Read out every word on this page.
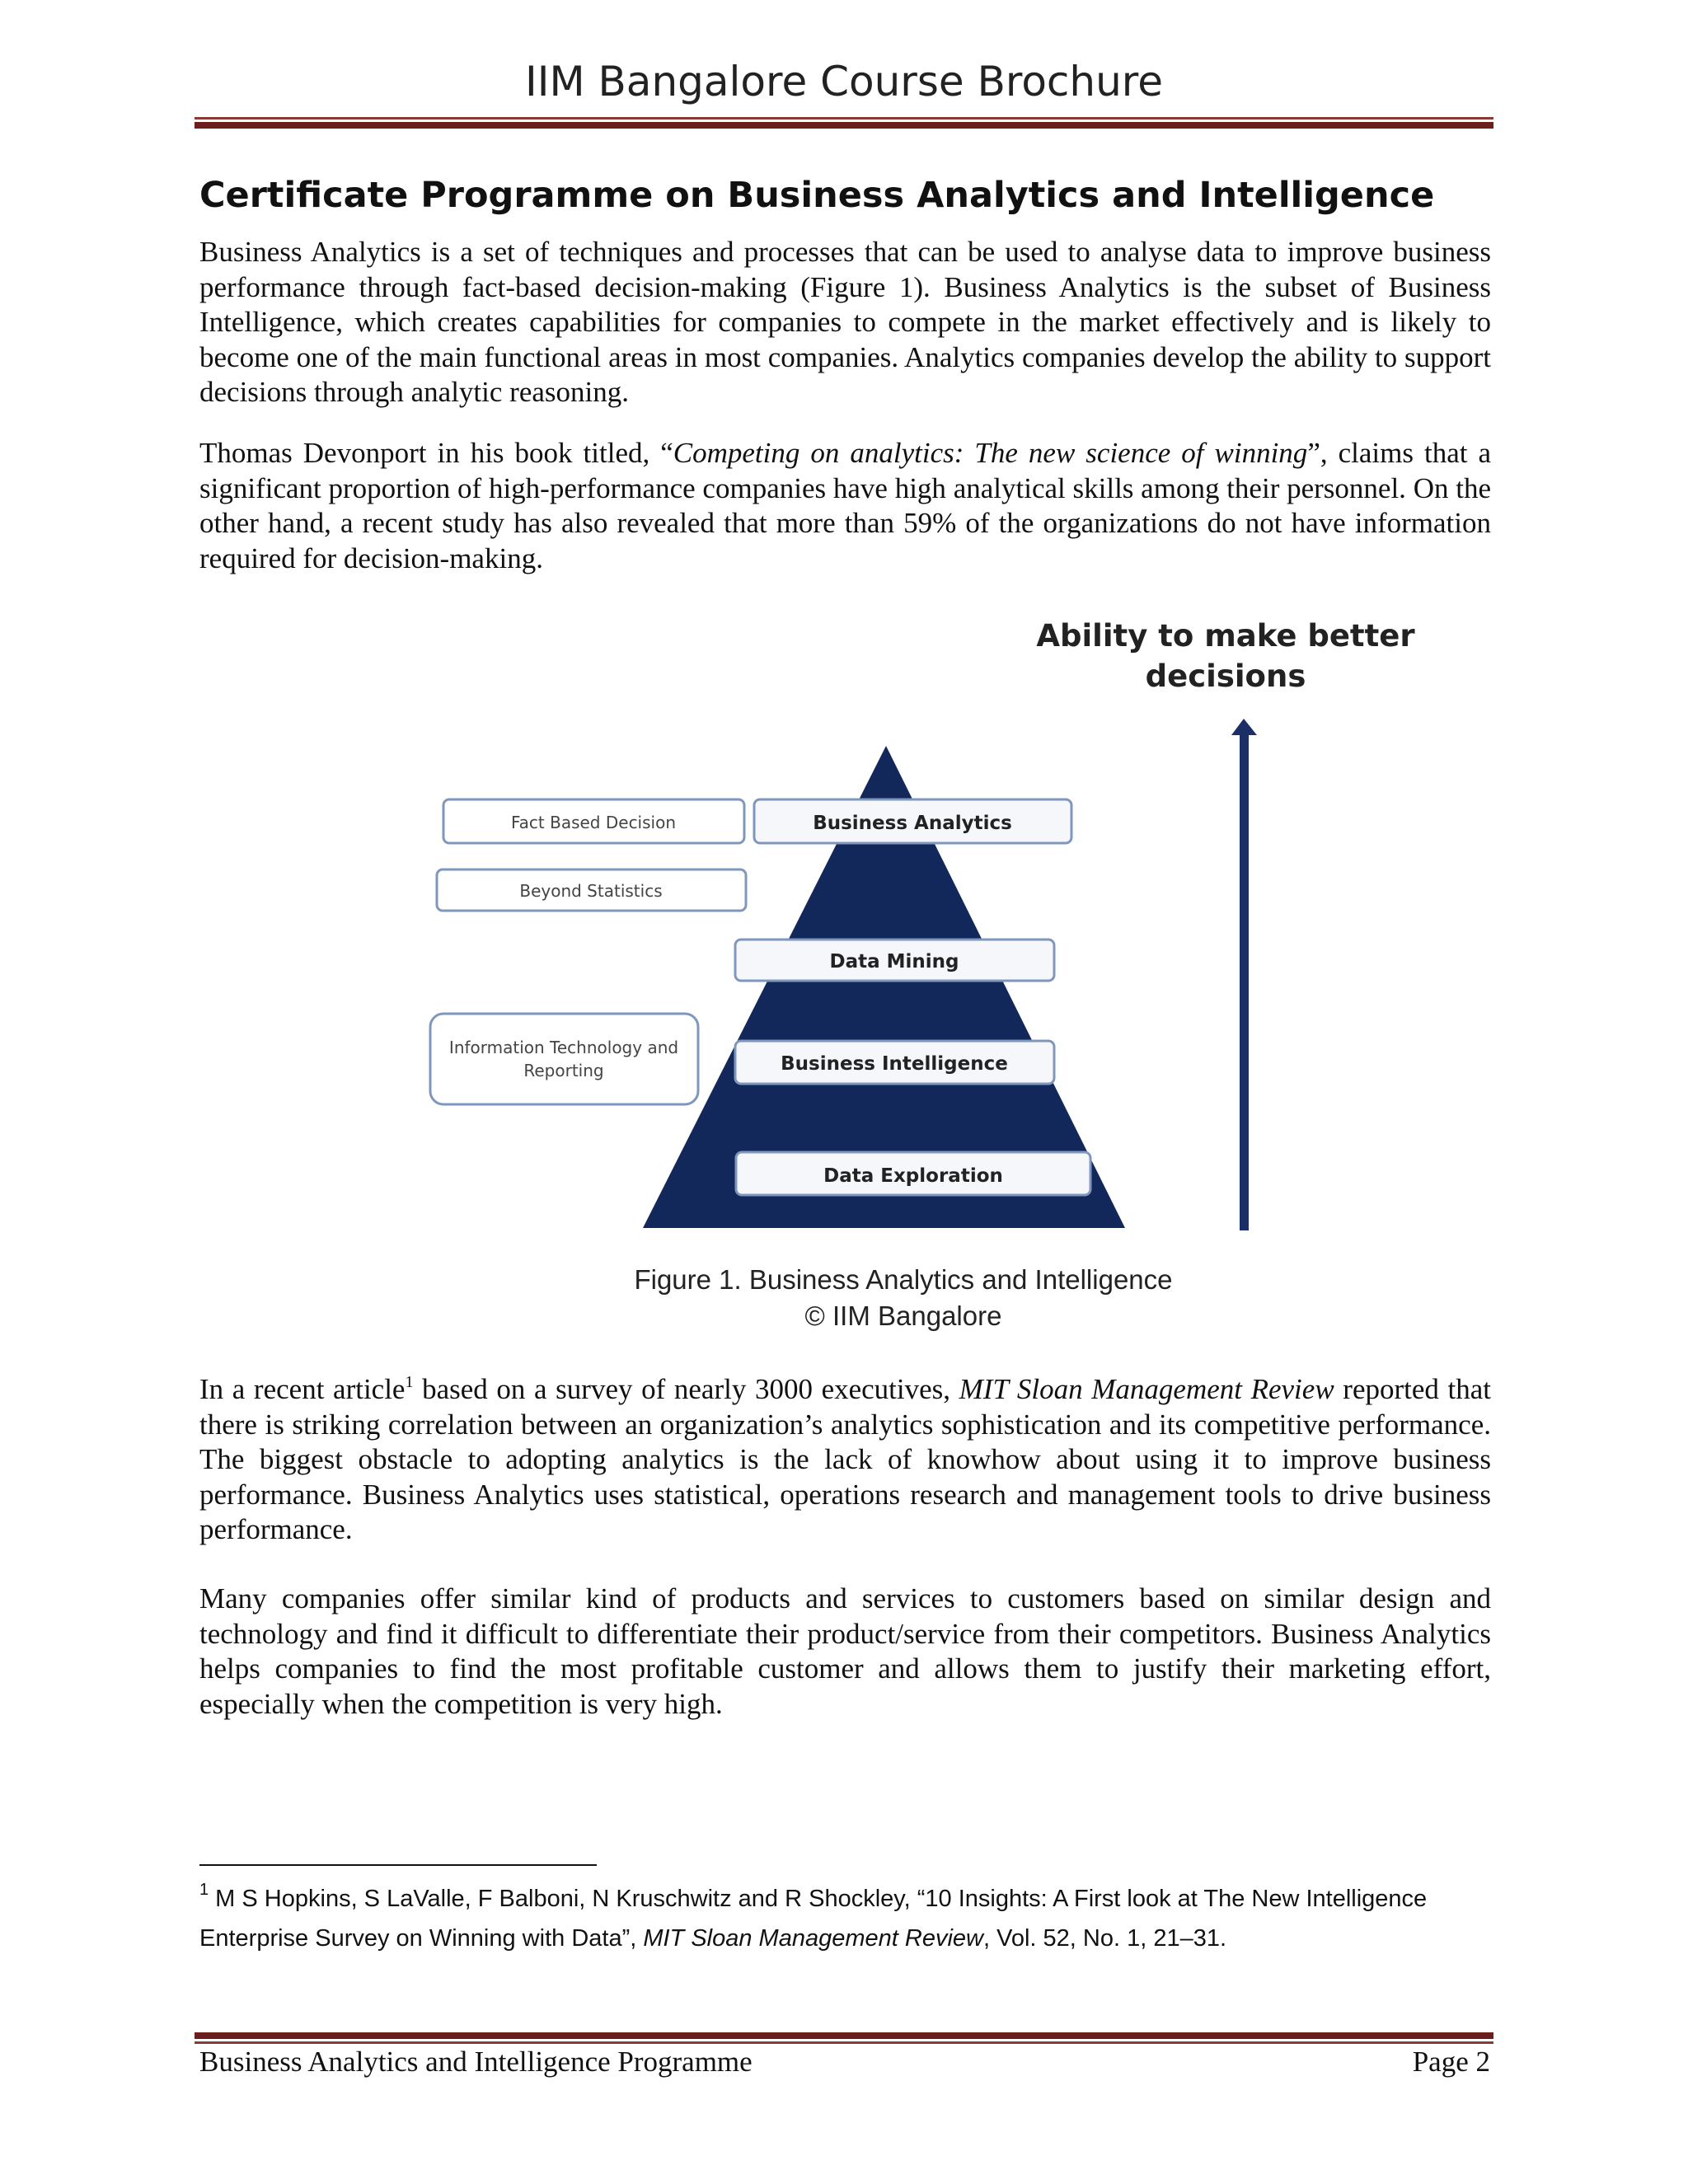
IIM Bangalore Course Brochure
Certificate Programme on Business Analytics and Intelligence

Business Analytics is a set of techniques and processes that can be used to analyse data to improve business performance through fact-based decision-making (Figure 1). Business Analytics is the subset of Business Intelligence, which creates capabilities for companies to compete in the market effectively and is likely to become one of the main functional areas in most companies. Analytics companies develop the ability to support decisions through analytic reasoning.

Thomas Devonport in his book titled, “Competing on analytics: The new science of winning”, claims that a significant proportion of high-performance companies have high analytical skills among their personnel. On the other hand, a recent study has also revealed that more than 59% of the organizations do not have information required for decision-making.

Ability to make better
decisions
Business Analytics
Data Mining
Business Intelligence
Data Exploration
Fact Based Decision
Beyond Statistics
Information Technology and
Reporting
Figure 1. Business Analytics and Intelligence
© IIM Bangalore

In a recent article$^1$ based on a survey of nearly 3000 executives, MIT Sloan Management Review reported that there is striking correlation between an organization’s analytics sophistication and its competitive performance. The biggest obstacle to adopting analytics is the lack of knowhow about using it to improve business performance. Business Analytics uses statistical, operations research and management tools to drive business performance.

Many companies offer similar kind of products and services to customers based on similar design and technology and find it difficult to differentiate their product/service from their competitors. Business Analytics helps companies to find the most profitable customer and allows them to justify their marketing effort, especially when the competition is very high.

$^1$ M S Hopkins, S LaValle, F Balboni, N Kruschwitz and R Shockley, “10 Insights: A First look at The New Intelligence Enterprise Survey on Winning with Data”, MIT Sloan Management Review, Vol. 52, No. 1, 21–31.
Business Analytics and Intelligence Programme	Page 2
